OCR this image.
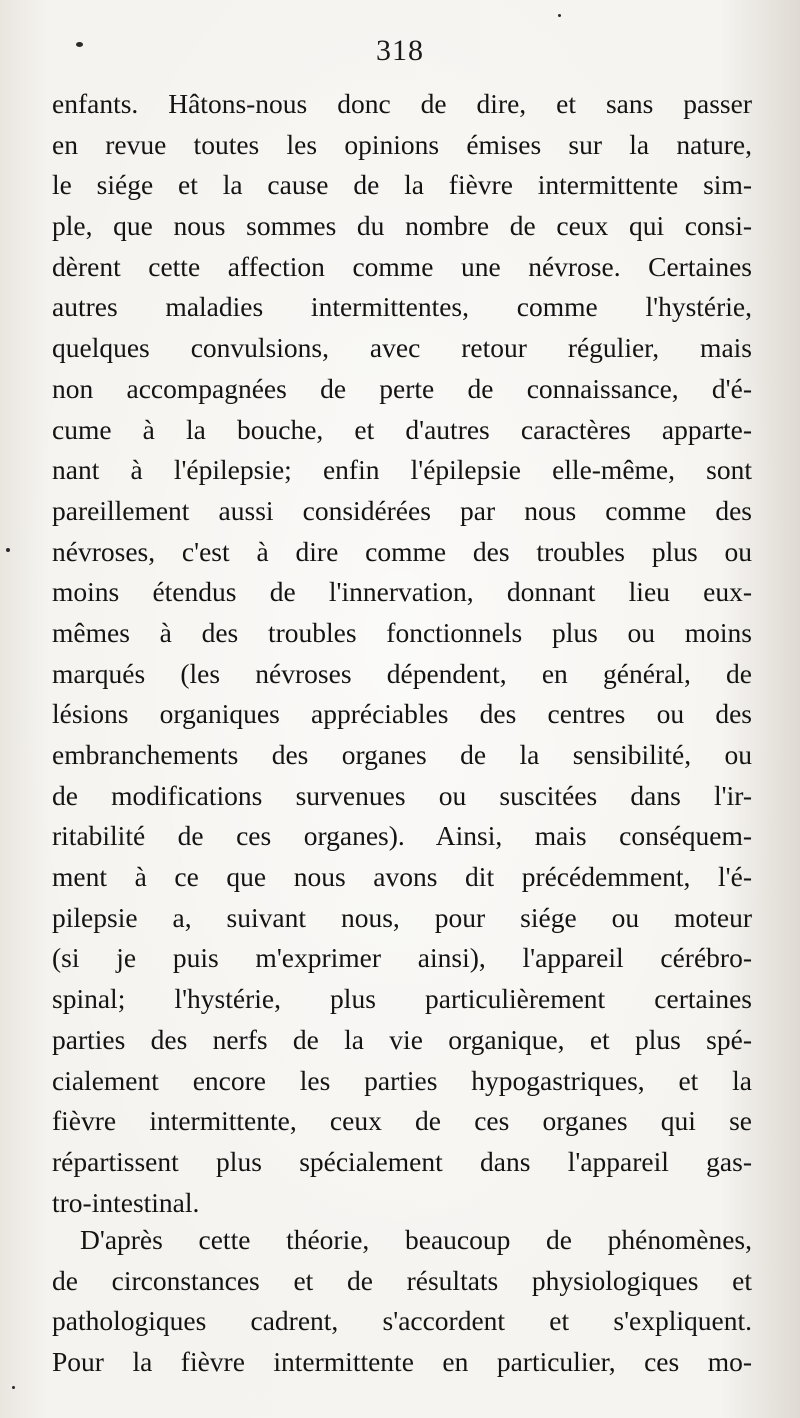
318
enfants. Hâtons-nous donc de dire, et sans passer
en revue toutes les opinions émises sur la nature,
le siége et la cause de la fièvre intermittente sim-
ple, que nous sommes du nombre de ceux qui consi-
dèrent cette affection comme une névrose. Certaines
autres maladies intermittentes, comme l'hystérie,
quelques convulsions, avec retour régulier, mais
non accompagnées de perte de connaissance, d'é-
cume à la bouche, et d'autres caractères apparte-
nant à l'épilepsie; enfin l'épilepsie elle-même, sont
pareillement aussi considérées par nous comme des
névroses, c'est à dire comme des troubles plus ou
moins étendus de l'innervation, donnant lieu eux-
mêmes à des troubles fonctionnels plus ou moins
marqués (les névroses dépendent, en général, de
lésions organiques appréciables des centres ou des
embranchements des organes de la sensibilité, ou
de modifications survenues ou suscitées dans l'ir-
ritabilité de ces organes). Ainsi, mais conséquem-
ment à ce que nous avons dit précédemment, l'é-
pilepsie a, suivant nous, pour siége ou moteur
(si je puis m'exprimer ainsi), l'appareil cérébro-
spinal; l'hystérie, plus particulièrement certaines
parties des nerfs de la vie organique, et plus spé-
cialement encore les parties hypogastriques, et la
fièvre intermittente, ceux de ces organes qui se
répartissent plus spécialement dans l'appareil gas-
tro-intestinal.
D'après cette théorie, beaucoup de phénomènes,
de circonstances et de résultats physiologiques et
pathologiques cadrent, s'accordent et s'expliquent.
Pour la fièvre intermittente en particulier, ces mo-
